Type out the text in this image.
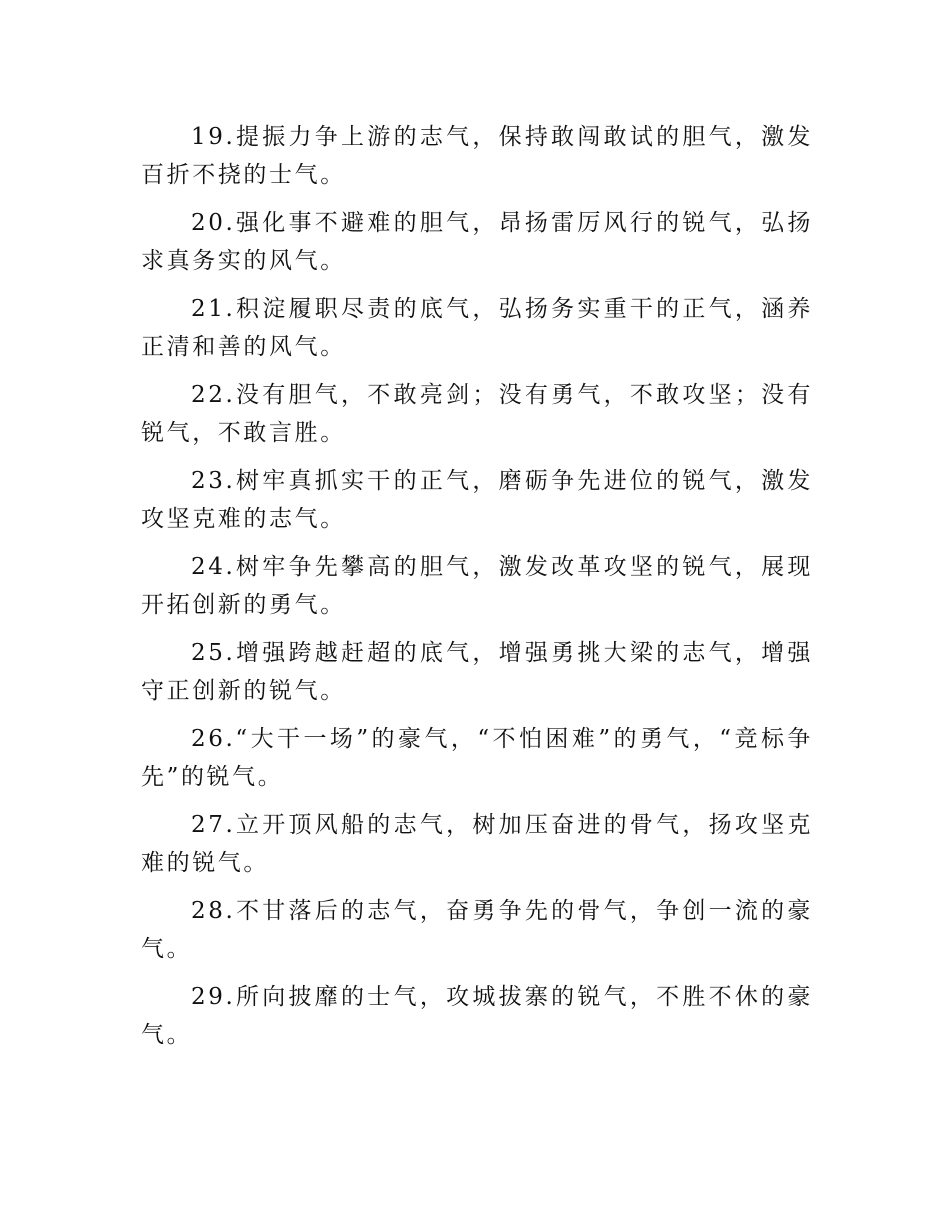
19.提振力争上游的志气，保持敢闯敢试的胆气，激发百折不挠的士气。

20.强化事不避难的胆气，昂扬雷厉风行的锐气，弘扬求真务实的风气。

21.积淀履职尽责的底气，弘扬务实重干的正气，涵养正清和善的风气。

22.没有胆气，不敢亮剑；没有勇气，不敢攻坚；没有锐气，不敢言胜。

23.树牢真抓实干的正气，磨砺争先进位的锐气，激发攻坚克难的志气。

24.树牢争先攀高的胆气，激发改革攻坚的锐气，展现开拓创新的勇气。

25.增强跨越赶超的底气，增强勇挑大梁的志气，增强守正创新的锐气。

26.“大干一场”的豪气，“不怕困难”的勇气，“竞标争先”的锐气。

27.立开顶风船的志气，树加压奋进的骨气，扬攻坚克难的锐气。

28.不甘落后的志气，奋勇争先的骨气，争创一流的豪气。

29.所向披靡的士气，攻城拔寨的锐气，不胜不休的豪气。
